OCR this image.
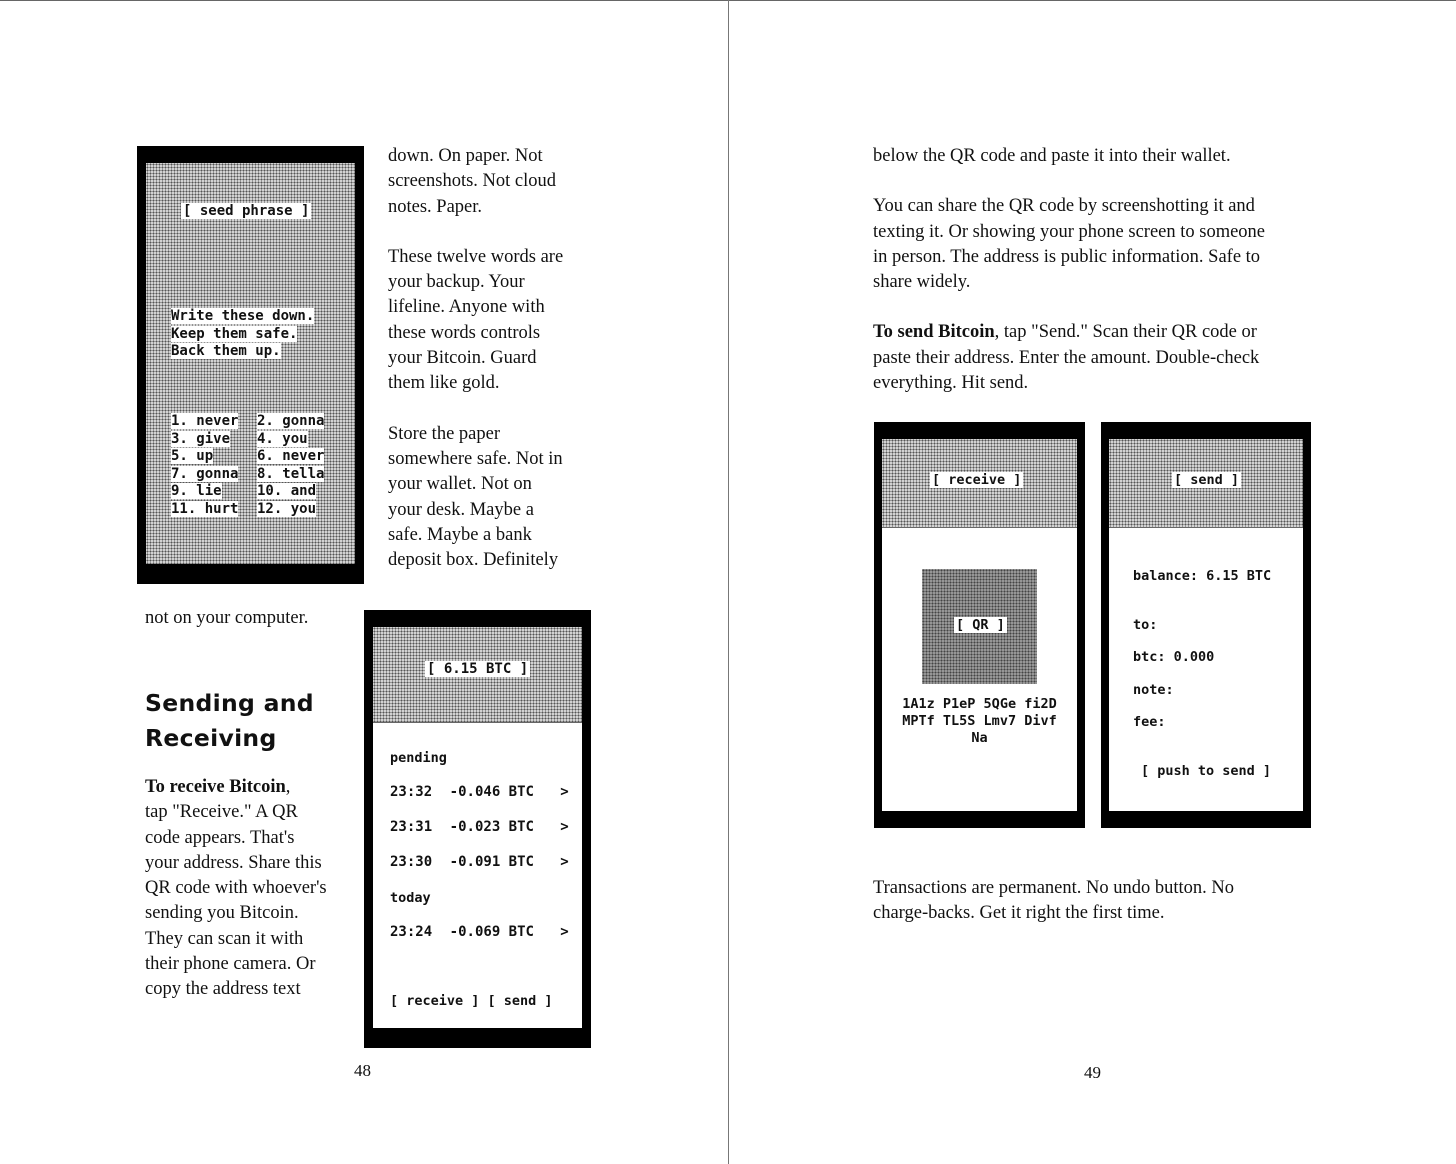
[ seed phrase ]
Write these down.
Keep them safe.
Back them up.
1. never	2. gonna
3. give	4. you
5. up	6. never
7. gonna	8. tella
9. lie	10. and
11. hurt	12. you

down. On paper. Not
screenshots. Not cloud
notes. Paper.

These twelve words are
your backup. Your
lifeline. Anyone with
these words controls
your Bitcoin. Guard
them like gold.

Store the paper
somewhere safe. Not in
your wallet. Not on
your desk. Maybe a
safe. Maybe a bank
deposit box. Definitely

not on your computer.
Sending and
Receiving
To receive Bitcoin,
tap "Receive." A QR
code appears. That's
your address. Share this
QR code with whoever's
sending you Bitcoin.
They can scan it with
their phone camera. Or
copy the address text
[ 6.15 BTC ]
pending
23:32	-0.046 BTC	>
23:31	-0.023 BTC	>
23:30	-0.091 BTC	>
today
23:24	-0.069 BTC	>
[ receive ] [ send ]
48

below the QR code and paste it into their wallet.

You can share the QR code by screenshotting it and
texting it. Or showing your phone screen to someone
in person. The address is public information. Safe to
share widely.

To send Bitcoin, tap "Send." Scan their QR code or
paste their address. Enter the amount. Double-check
everything. Hit send.

[ receive ]
[ QR ]
1A1z P1eP 5QGe fi2D
MPTf TL5S Lmv7 Divf
Na
[ send ]
balance: 6.15 BTC
to:
btc: 0.000
note:
fee:
[ push to send ]
Transactions are permanent. No undo button. No
charge-backs. Get it right the first time.
49
